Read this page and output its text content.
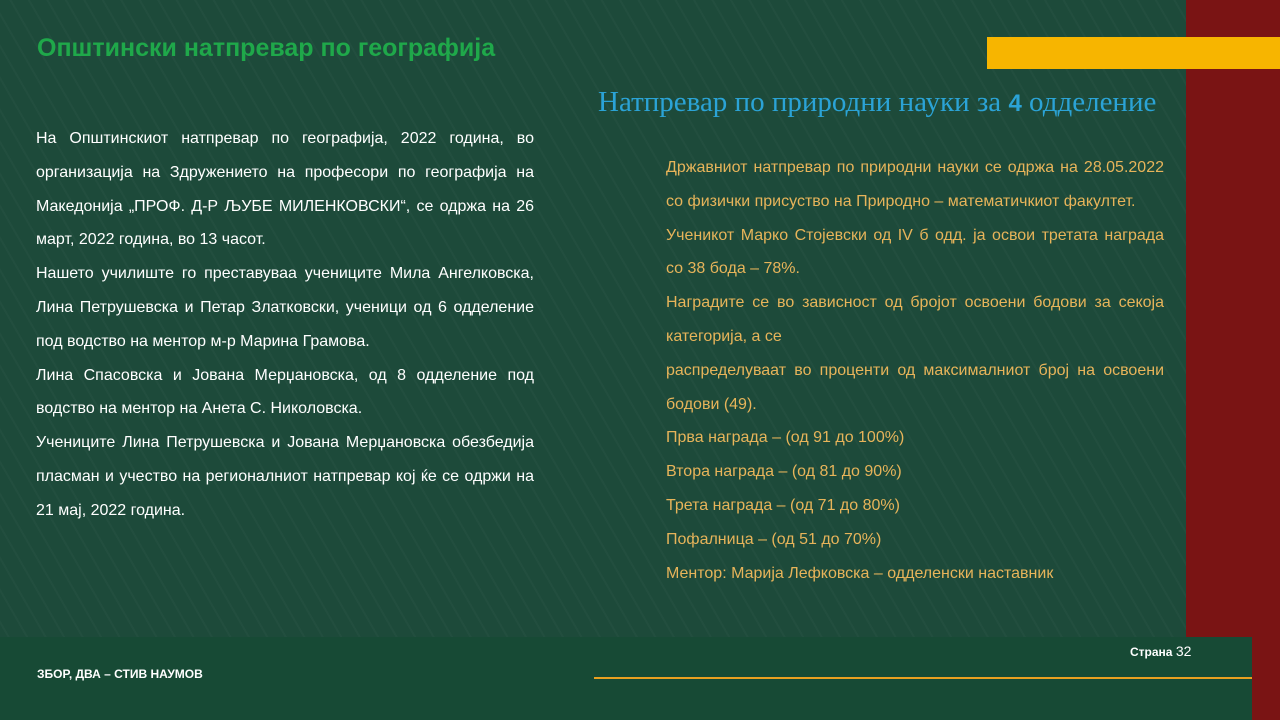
Општински натпревар по географија
Натпревар по природни науки за 4 одделение

На Општинскиот натпревар по географија, 2022 година, во организација на Здружението на професори по географија на Македонија „ПРОФ. Д-Р ЉУБЕ МИЛЕНКОВСКИ“, се одржа на 26 март, 2022 година, во 13 часот.

Нашето училиште го преставуваа учениците Мила Ангелковска, Лина Петрушевска и Петар Златковски, ученици од 6 одделение под водство на ментор м-р Марина Грамова.

Лина Спасовска и Јована Мерџановска, од 8 одделение под водство на ментор на Анета С. Николовска.

Учениците Лина Петрушевска и Јована Мерџановска обезбедија пласман и учество на регионалниот натпревар кој ќе се одржи на 21 мај, 2022 година.

Државниот натпревар по природни науки се одржа на 28.05.2022 со физички присуство на Природно – математичкиот факултет.

Ученикот Марко Стојевски од IV б одд. ја освои третата награда со 38 бода – 78%.

Наградите се во зависност од бројот освоени бодови за секоја категорија, а се

распределуваат во проценти од максималниот број на освоени бодови (49).

Прва награда – (од 91 до 100%)

Втора награда – (од 81 до 90%)

Трета награда – (од 71 до 80%)

Пофалница – (од 51 до 70%)

Ментор: Марија Лефковска – одделенски наставник

ЗБОР, ДВА – СТИВ НАУМОВ

Страна 32
